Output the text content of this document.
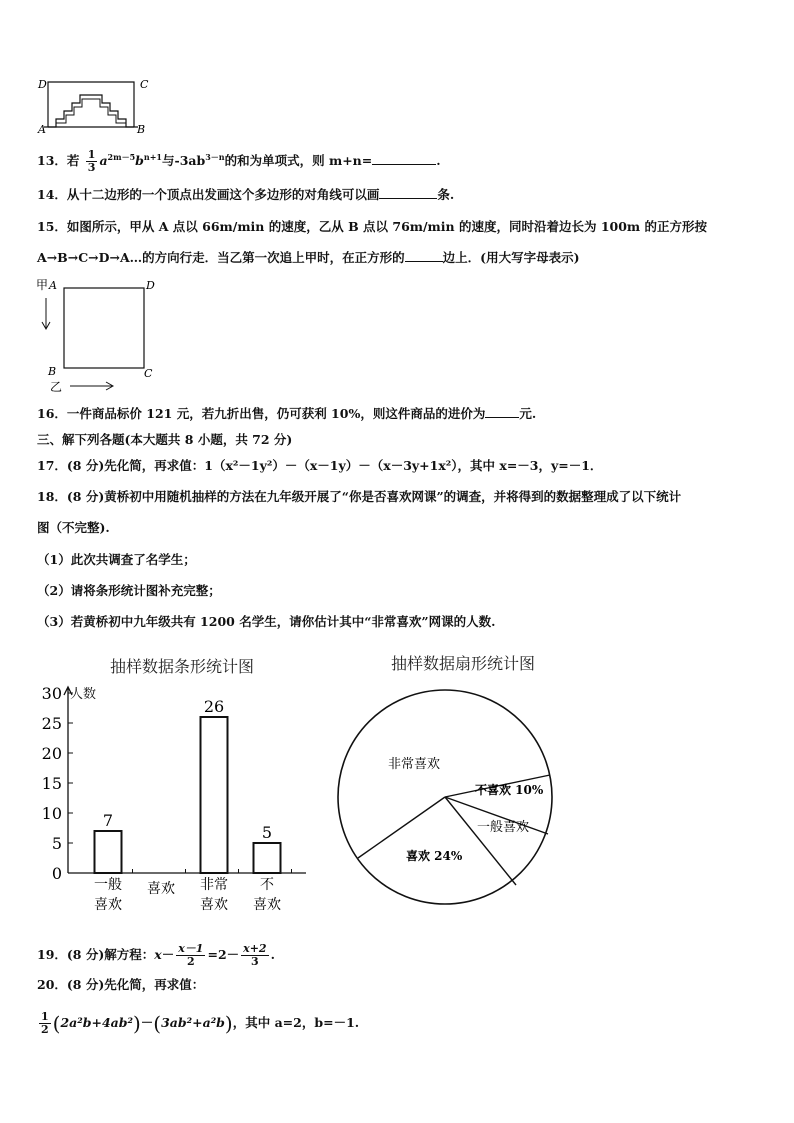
D	C
A	B
13．若 $\frac{1}{3} a^{2m-5}b^{n+1}$与$-3ab^{3-n}$的和为单项式，则 m+n=	.
14．从十二边形的一个顶点出发画这个多边形的对角线可以画	条.
15．如图所示，甲从 A 点以 66m/min 的速度，乙从 B 点以 76m/min 的速度，同时沿着边长为 100m 的正方形按
A→B→C→D→A…的方向行走．当乙第一次追上甲时，在正方形的	边上．(用大写字母表示)
甲 A	D
B	C
乙
16．一件商品标价 121 元，若九折出售，仍可获利 10%，则这件商品的进价为	元.
三、解下列各题(本大题共 8 小题，共 72 分)
17．(8 分)先化简，再求值：1（x²－1y²）－（x－1y）－（x－3y+1x²），其中 x=－3，y=－1．
18．(8 分)黄桥初中用随机抽样的方法在九年级开展了“你是否喜欢网课”的调查，并将得到的数据整理成了以下统计
图（不完整).
（1）此次共调查了名学生；
（2）请将条形统计图补充完整；
（3）若黄桥初中九年级共有 1200 名学生，请你估计其中“非常喜欢”网课的人数.
抽样数据条形统计图
人数
0
5
10
15
20
25
30
7
一般
喜欢
喜欢
26
非常
喜欢
5
不
喜欢
抽样数据扇形统计图
非常喜欢
不喜欢 10%
一般喜欢
喜欢 24%
19．(8 分)解方程：$x- \frac{x-1}{2} =2- \frac{x+2}{3}$ .
20．(8 分)先化简，再求值：
$\frac{1}{2} (2a^2b+4ab^2)-(3ab^2+a^2b)$，其中 a=2，b=－1.
